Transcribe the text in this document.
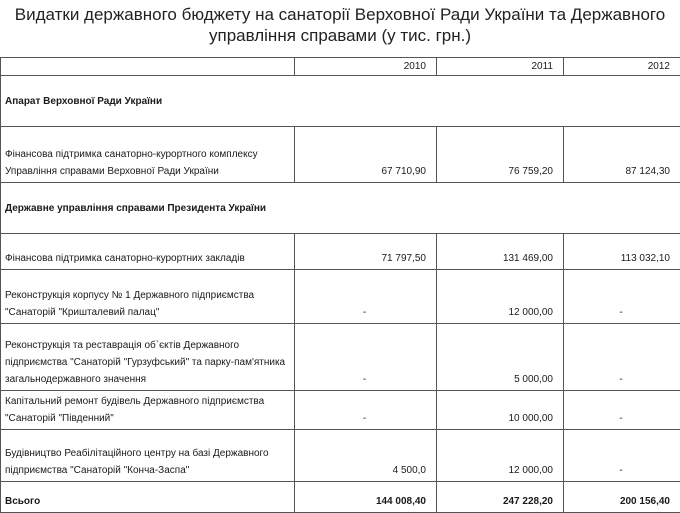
Видатки державного бюджету на санаторії Верховної Ради України та Державного управління справами (у тис. грн.)
	2010	2011	2012
Апарат Верховної Ради України			
Фінансова підтримка санаторно-курортного комплексу Управління справами Верховної Ради України	67 710,90	76 759,20	87 124,30
Державне управління справами Президента України			
Фінансова підтримка санаторно-курортних закладів	71 797,50	131 469,00	113 032,10
Реконструкція корпусу № 1 Державного підприємства "Санаторій "Кришталевий палац"	-	12 000,00	-
Реконструкція та реставрація об`єктів Державного підприємства "Санаторій "Гурзуфський" та парку-пам'ятника загальнодержавного значення	-	5 000,00	-
Капітальний ремонт будівель Державного підприємства "Санаторій "Південний"	-	10 000,00	-
Будівництво Реабілітаційного центру на базі Державного підприємства "Санаторій "Конча-Заспа"	4 500,0	12 000,00	-
Всього	144 008,40	247 228,20	200 156,40
